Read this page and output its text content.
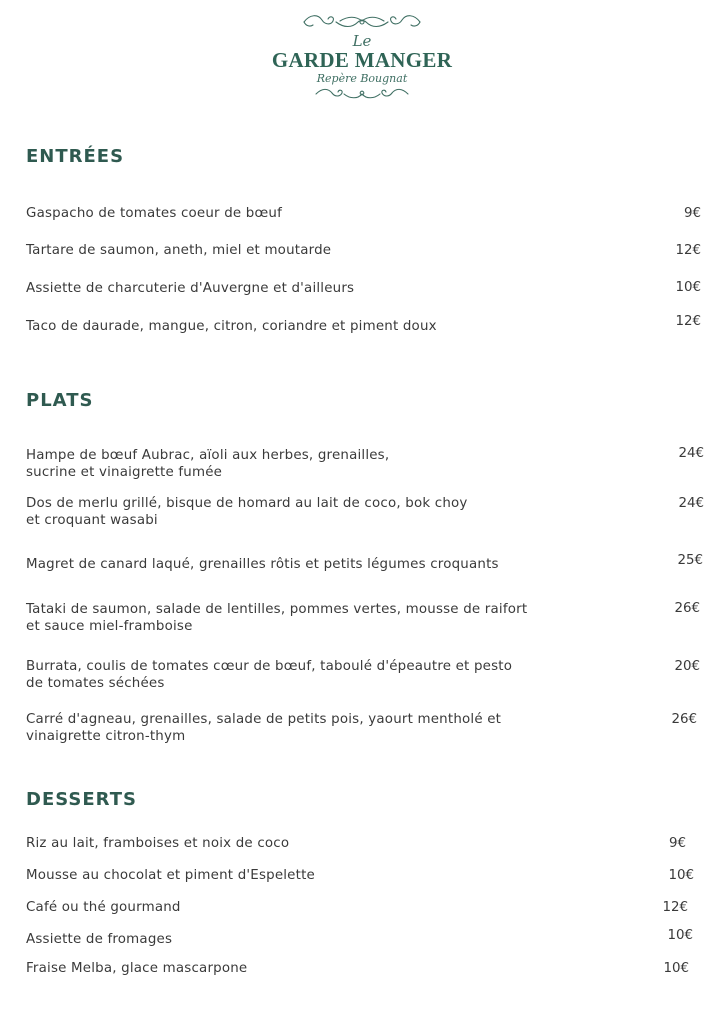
Le
GARDE MANGER
Repère Bougnat
ENTRÉES
Gaspacho de tomates coeur de bœuf	9€
Tartare de saumon, aneth, miel et moutarde	12€
Assiette de charcuterie d'Auvergne et d'ailleurs	10€
Taco de daurade, mangue, citron, coriandre et piment doux	12€
PLATS
Hampe de bœuf Aubrac, aïoli aux herbes, grenailles,
sucrine et vinaigrette fumée
24€
Dos de merlu grillé, bisque de homard au lait de coco, bok choy
et croquant wasabi
24€
Magret de canard laqué, grenailles rôtis et petits légumes croquants	25€
Tataki de saumon, salade de lentilles, pommes vertes, mousse de raifort
et sauce miel-framboise
26€
Burrata, coulis de tomates cœur de bœuf, taboulé d'épeautre et pesto
de tomates séchées
20€
Carré d'agneau, grenailles, salade de petits pois, yaourt mentholé et
vinaigrette citron-thym
26€
DESSERTS
Riz au lait, framboises et noix de coco	9€
Mousse au chocolat et piment d'Espelette	10€
Café ou thé gourmand	12€
Assiette de fromages	10€
Fraise Melba, glace mascarpone	10€
